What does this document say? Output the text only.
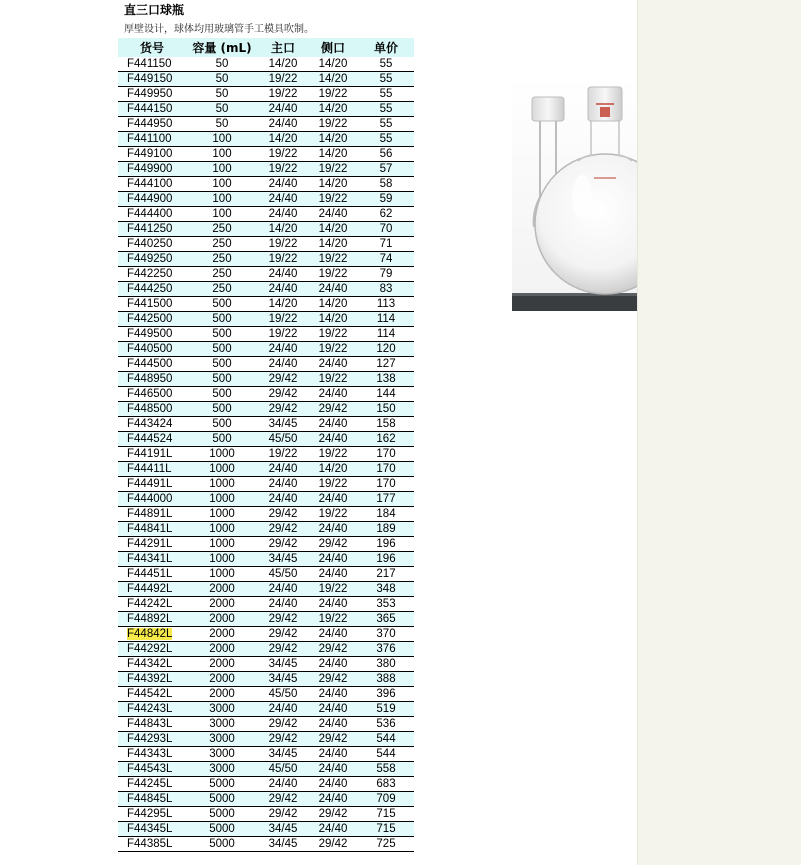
直三口球瓶
厚壁设计，球体均用玻璃管手工模具吹制。
货号	容量 (mL)	主口	侧口	单价
F441150	50	14/20	14/20	55
F449150	50	19/22	14/20	55
F449950	50	19/22	19/22	55
F444150	50	24/40	14/20	55
F444950	50	24/40	19/22	55
F441100	100	14/20	14/20	55
F449100	100	19/22	14/20	56
F449900	100	19/22	19/22	57
F444100	100	24/40	14/20	58
F444900	100	24/40	19/22	59
F444400	100	24/40	24/40	62
F441250	250	14/20	14/20	70
F440250	250	19/22	14/20	71
F449250	250	19/22	19/22	74
F442250	250	24/40	19/22	79
F444250	250	24/40	24/40	83
F441500	500	14/20	14/20	113
F442500	500	19/22	14/20	114
F449500	500	19/22	19/22	114
F440500	500	24/40	19/22	120
F444500	500	24/40	24/40	127
F448950	500	29/42	19/22	138
F446500	500	29/42	24/40	144
F448500	500	29/42	29/42	150
F443424	500	34/45	24/40	158
F444524	500	45/50	24/40	162
F44191L	1000	19/22	19/22	170
F44411L	1000	24/40	14/20	170
F44491L	1000	24/40	19/22	170
F444000	1000	24/40	24/40	177
F44891L	1000	29/42	19/22	184
F44841L	1000	29/42	24/40	189
F44291L	1000	29/42	29/42	196
F44341L	1000	34/45	24/40	196
F44451L	1000	45/50	24/40	217
F44492L	2000	24/40	19/22	348
F44242L	2000	24/40	24/40	353
F44892L	2000	29/42	19/22	365
F44842L	2000	29/42	24/40	370
F44292L	2000	29/42	29/42	376
F44342L	2000	34/45	24/40	380
F44392L	2000	34/45	29/42	388
F44542L	2000	45/50	24/40	396
F44243L	3000	24/40	24/40	519
F44843L	3000	29/42	24/40	536
F44293L	3000	29/42	29/42	544
F44343L	3000	34/45	24/40	544
F44543L	3000	45/50	24/40	558
F44245L	5000	24/40	24/40	683
F44845L	5000	29/42	24/40	709
F44295L	5000	29/42	29/42	715
F44345L	5000	34/45	24/40	715
F44385L	5000	34/45	29/42	725
